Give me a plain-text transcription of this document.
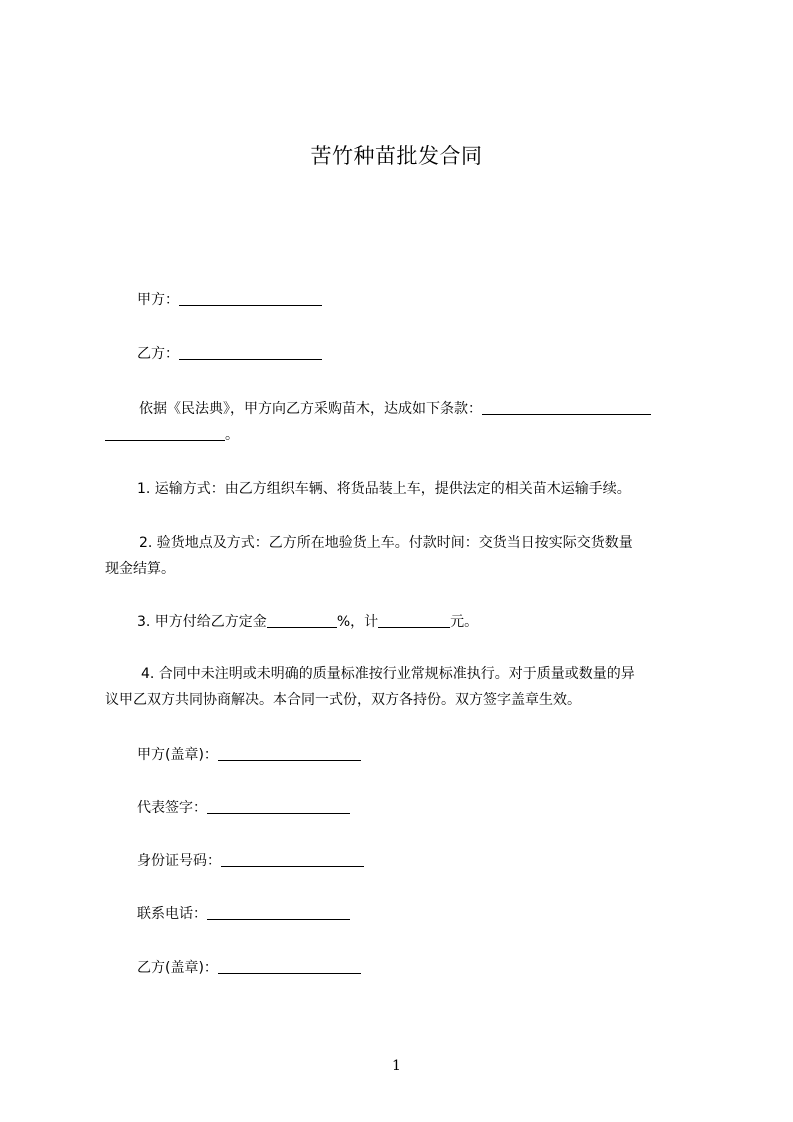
苦竹种苗批发合同
甲方：
乙方：
依据《民法典》，甲方向乙方采购苗木，达成如下条款：
。
1. 运输方式：由乙方组织车辆、将货品装上车，提供法定的相关苗木运输手续。
2. 验货地点及方式：乙方所在地验货上车。付款时间：交货当日按实际交货数量
现金结算。
3. 甲方付给乙方定金	%，计	元。
4. 合同中未注明或未明确的质量标准按行业常规标准执行。对于质量或数量的异
议甲乙双方共同协商解决。本合同一式份，双方各持份。双方签字盖章生效。
甲方(盖章)：
代表签字：
身份证号码：
联系电话：
乙方(盖章)：
1
